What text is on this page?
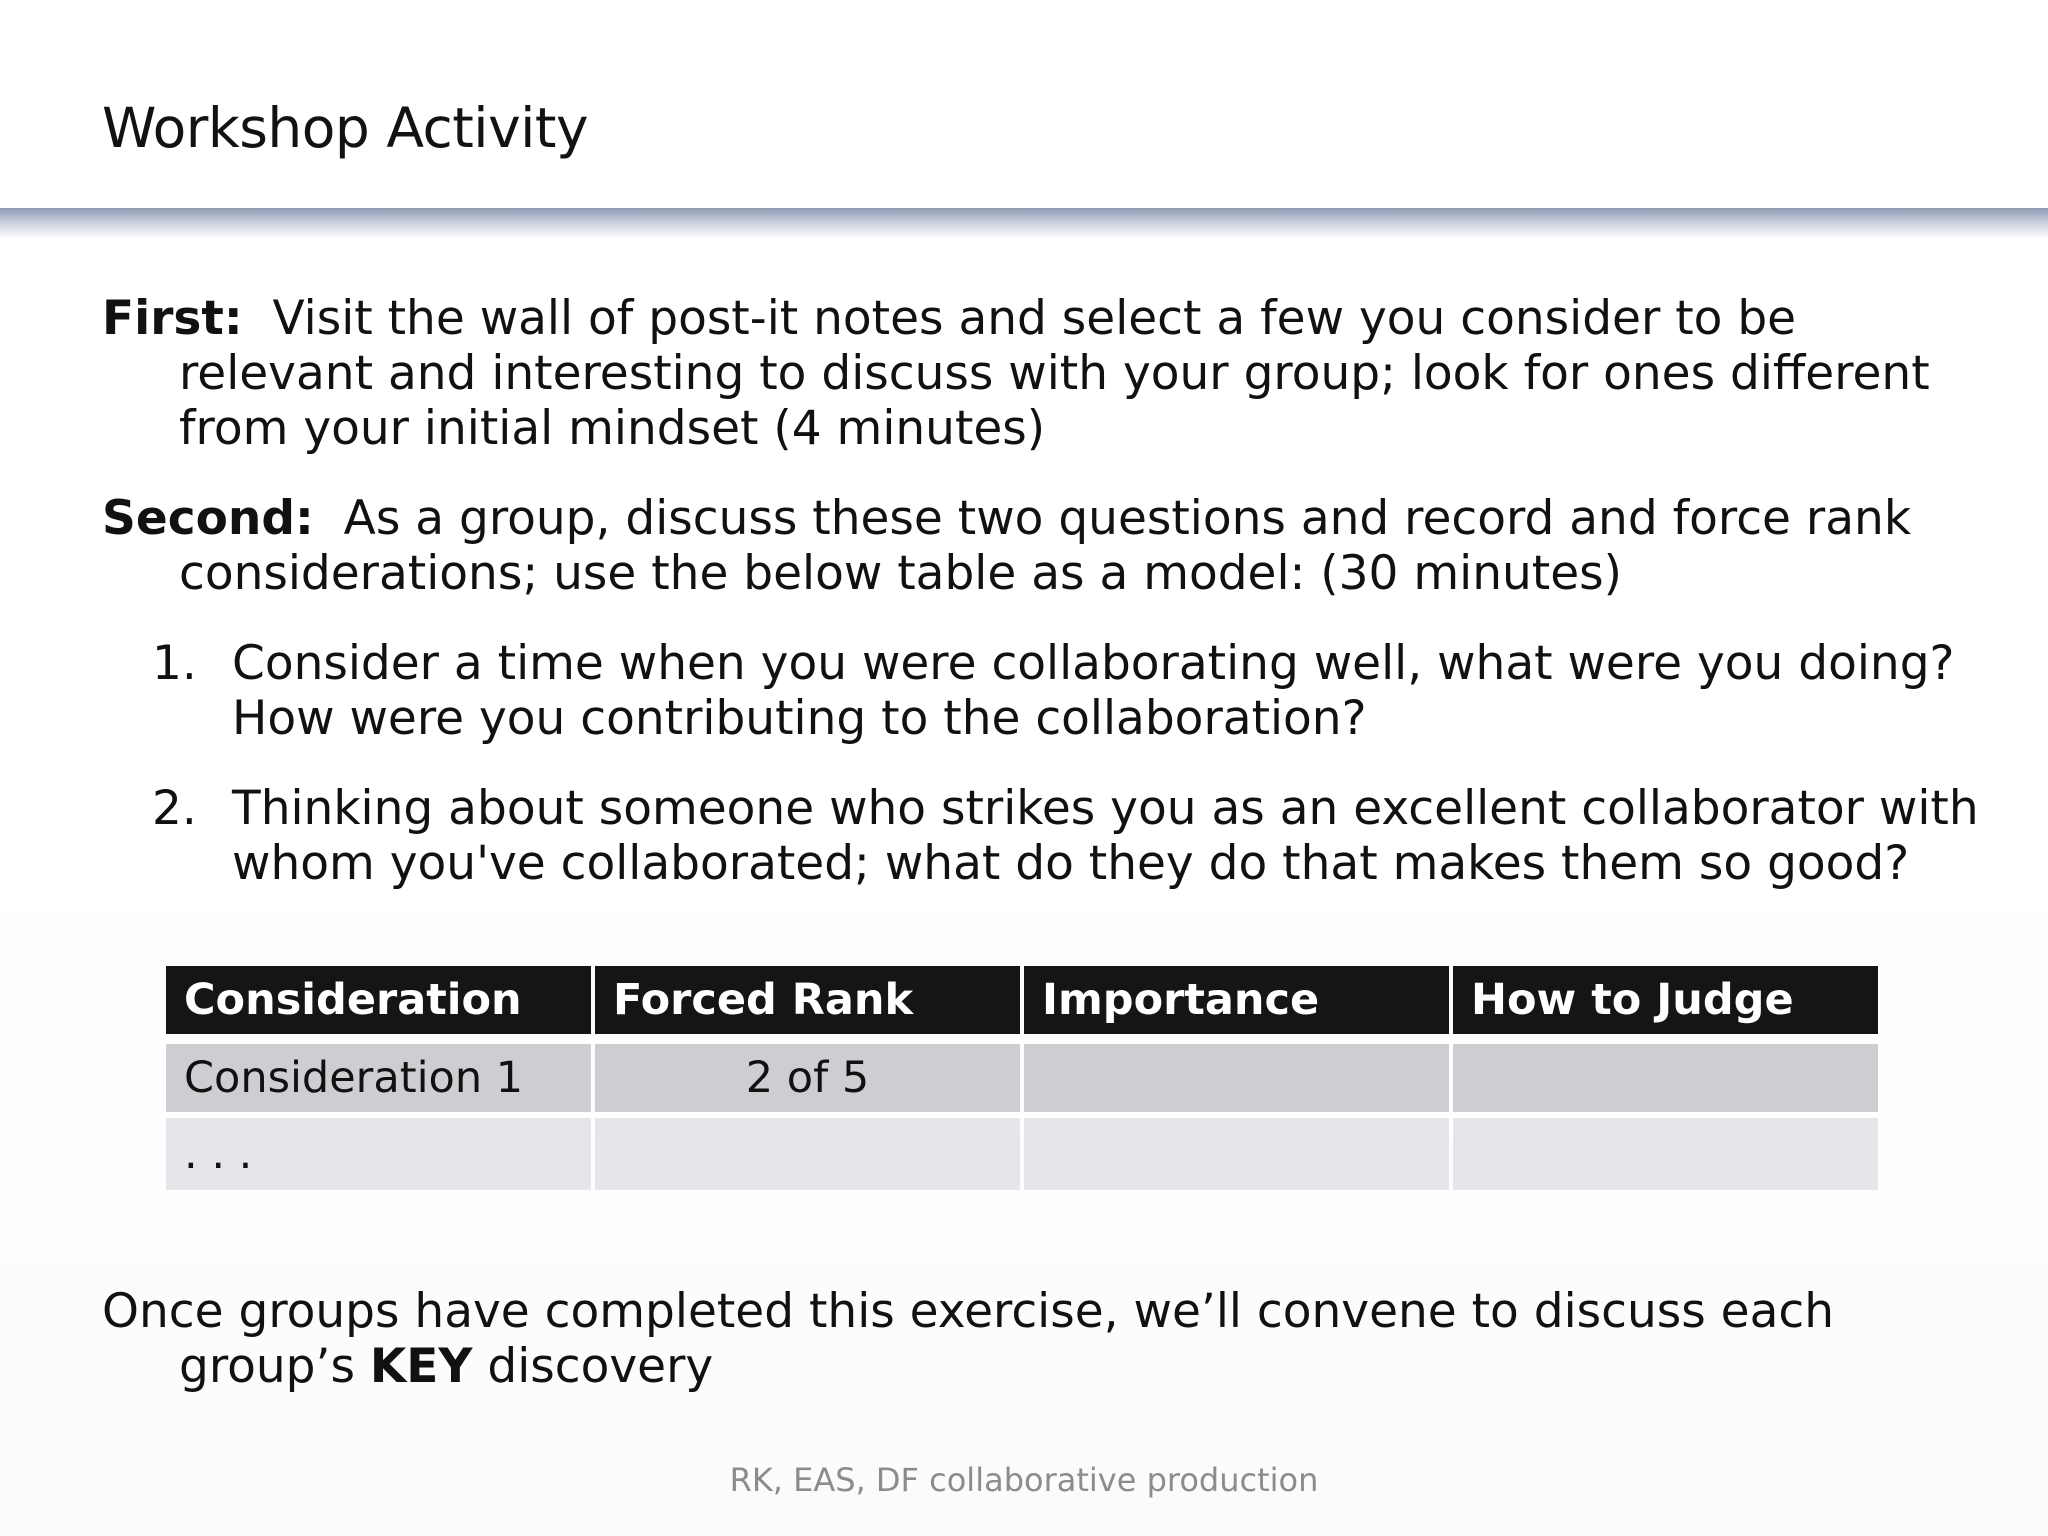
Workshop Activity
First: Visit the wall of post-it notes and select a few you consider to be
relevant and interesting to discuss with your group; look for ones different
from your initial mindset (4 minutes)
Second: As a group, discuss these two questions and record and force rank
considerations; use the below table as a model: (30 minutes)
1. Consider a time when you were collaborating well, what were you doing?
How were you contributing to the collaboration?
2. Thinking about someone who strikes you as an excellent collaborator with
whom you've collaborated; what do they do that makes them so good?
Consideration	Forced Rank	Importance	How to Judge
Consideration 1	2 of 5		
. . .			
Once groups have completed this exercise, we’ll convene to discuss each
group’s KEY discovery
RK, EAS, DF collaborative production
